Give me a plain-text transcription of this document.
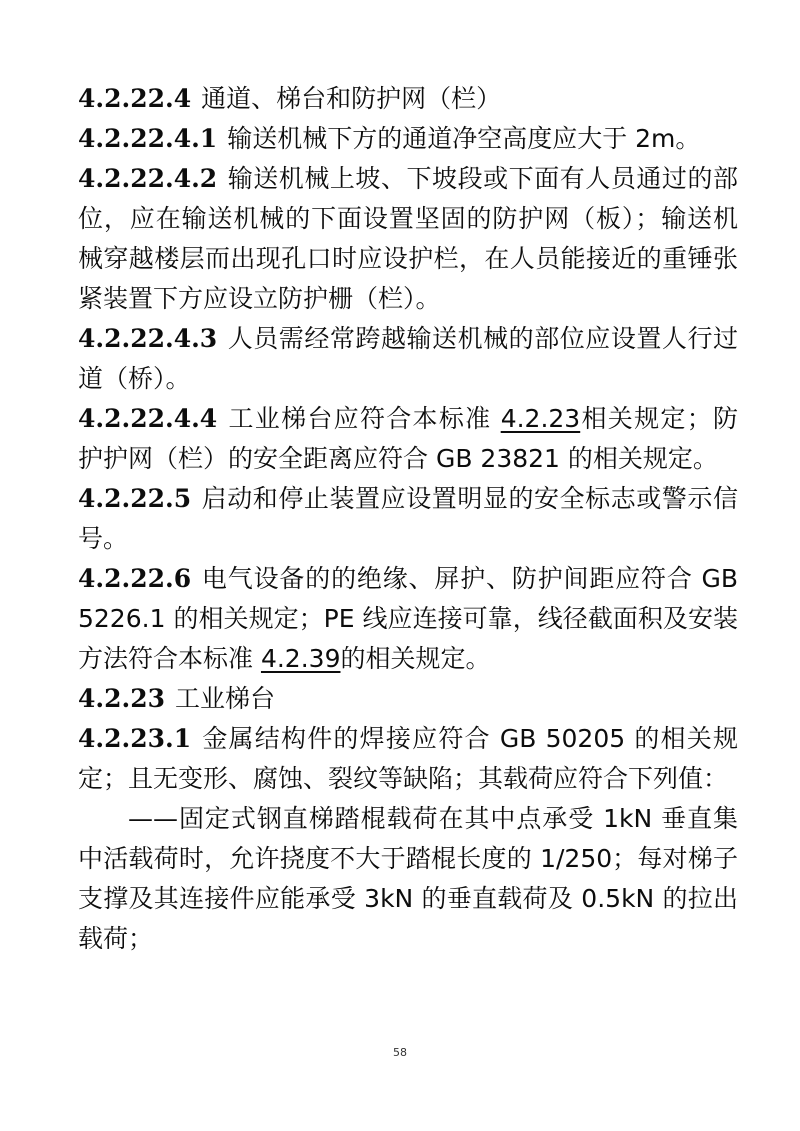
4.2.22.4 通道、梯台和防护网（栏）

4.2.22.4.1 输送机械下方的通道净空高度应大于 2m。

4.2.22.4.2 输送机械上坡、下坡段或下面有人员通过的部位，应在输送机械的下面设置坚固的防护网（板）；输送机械穿越楼层而出现孔口时应设护栏，在人员能接近的重锤张紧装置下方应设立防护栅（栏）。

4.2.22.4.3 人员需经常跨越输送机械的部位应设置人行过道（桥）。

4.2.22.4.4 工业梯台应符合本标准 4.2.23相关规定；防护护网（栏）的安全距离应符合 GB 23821 的相关规定。

4.2.22.5 启动和停止装置应设置明显的安全标志或警示信号。

4.2.22.6 电气设备的的绝缘、屏护、防护间距应符合 GB 5226.1 的相关规定；PE 线应连接可靠，线径截面积及安装方法符合本标准 4.2.39的相关规定。

4.2.23 工业梯台

4.2.23.1 金属结构件的焊接应符合 GB 50205 的相关规定；且无变形、腐蚀、裂纹等缺陷；其载荷应符合下列值：

——固定式钢直梯踏棍载荷在其中点承受 1kN 垂直集中活载荷时，允许挠度不大于踏棍长度的 1/250；每对梯子支撑及其连接件应能承受 3kN 的垂直载荷及 0.5kN 的拉出载荷；

58
